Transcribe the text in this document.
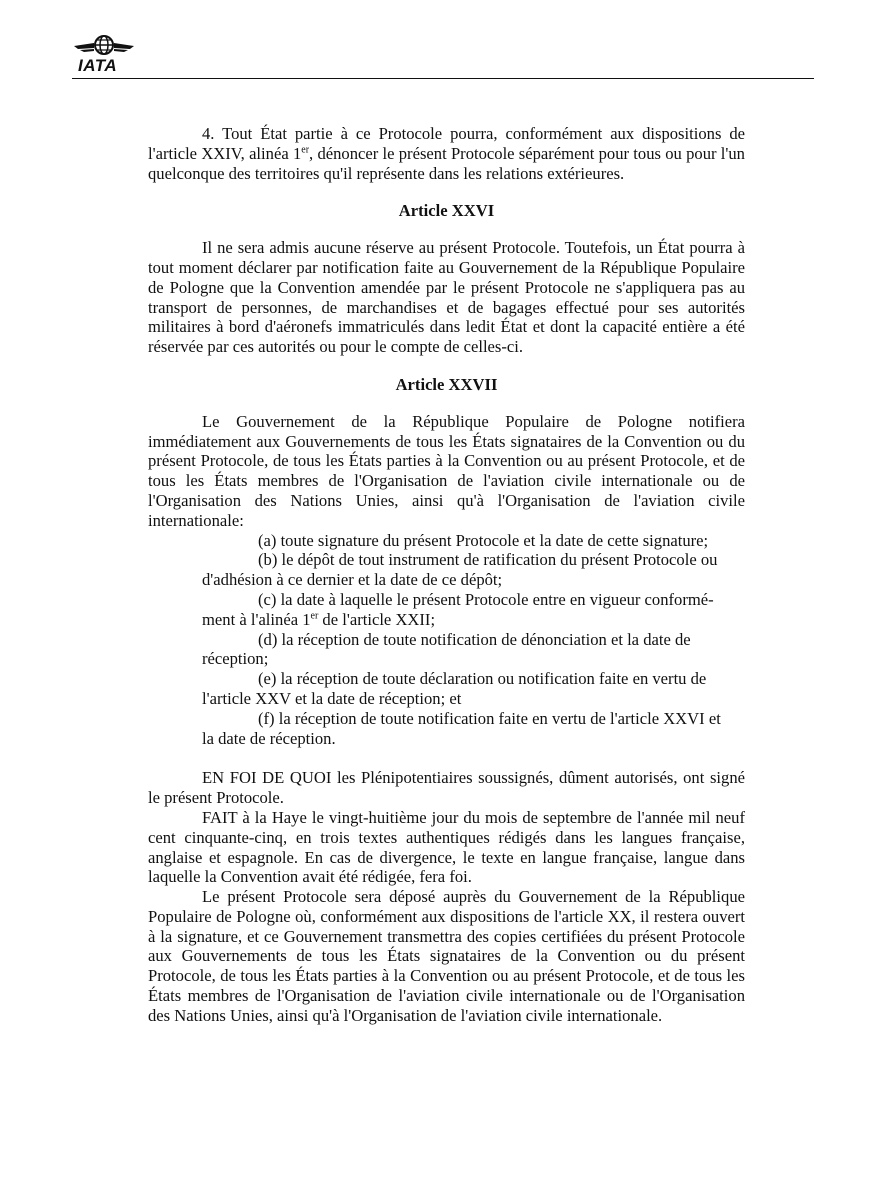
IATA

4. Tout État partie à ce Protocole pourra, conformément aux dispositions de l'article XXIV, alinéa 1er, dénoncer le présent Protocole séparément pour tous ou pour l'un quelconque des territoires qu'il représente dans les relations extérieures.

Article XXVI

Il ne sera admis aucune réserve au présent Protocole. Toutefois, un État pourra à tout moment déclarer par notification faite au Gouvernement de la République Populaire de Pologne que la Convention amendée par le présent Protocole ne s'appliquera pas au transport de personnes, de marchandises et de bagages effectué pour ses autorités militaires à bord d'aéronefs immatriculés dans ledit État et dont la capacité entière a été réservée par ces autorités ou pour le compte de celles-ci.

Article XXVII

Le Gouvernement de la République Populaire de Pologne notifiera immédiatement aux Gouvernements de tous les États signataires de la Convention ou du présent Protocole, de tous les États parties à la Convention ou au présent Protocole, et de tous les États membres de l'Organisation de l'aviation civile internationale ou de l'Organisation des Nations Unies, ainsi qu'à l'Organisation de l'aviation civile internationale:

(a) toute signature du présent Protocole et la date de cette signature;
(b) le dépôt de tout instrument de ratification du présent Protocole ou
d'adhésion à ce dernier et la date de ce dépôt;
(c) la date à laquelle le présent Protocole entre en vigueur conformé-
ment à l'alinéa 1er de l'article XXII;
(d) la réception de toute notification de dénonciation et la date de
réception;
(e) la réception de toute déclaration ou notification faite en vertu de
l'article XXV et la date de réception; et
(f) la réception de toute notification faite en vertu de l'article XXVI et
la date de réception.

EN FOI DE QUOI les Plénipotentiaires soussignés, dûment autorisés, ont signé le présent Protocole.

FAIT à la Haye le vingt-huitième jour du mois de septembre de l'année mil neuf cent cinquante-cinq, en trois textes authentiques rédigés dans les langues française, anglaise et espagnole. En cas de divergence, le texte en langue française, langue dans laquelle la Convention avait été rédigée, fera foi.

Le présent Protocole sera déposé auprès du Gouvernement de la République Populaire de Pologne où, conformément aux dispositions de l'article XX, il restera ouvert à la signature, et ce Gouvernement transmettra des copies certifiées du présent Protocole aux Gouvernements de tous les États signataires de la Convention ou du présent Protocole, de tous les États parties à la Convention ou au présent Protocole, et de tous les États membres de l'Organisation de l'aviation civile internationale ou de l'Organisation des Nations Unies, ainsi qu'à l'Organisation de l'aviation civile internationale.
